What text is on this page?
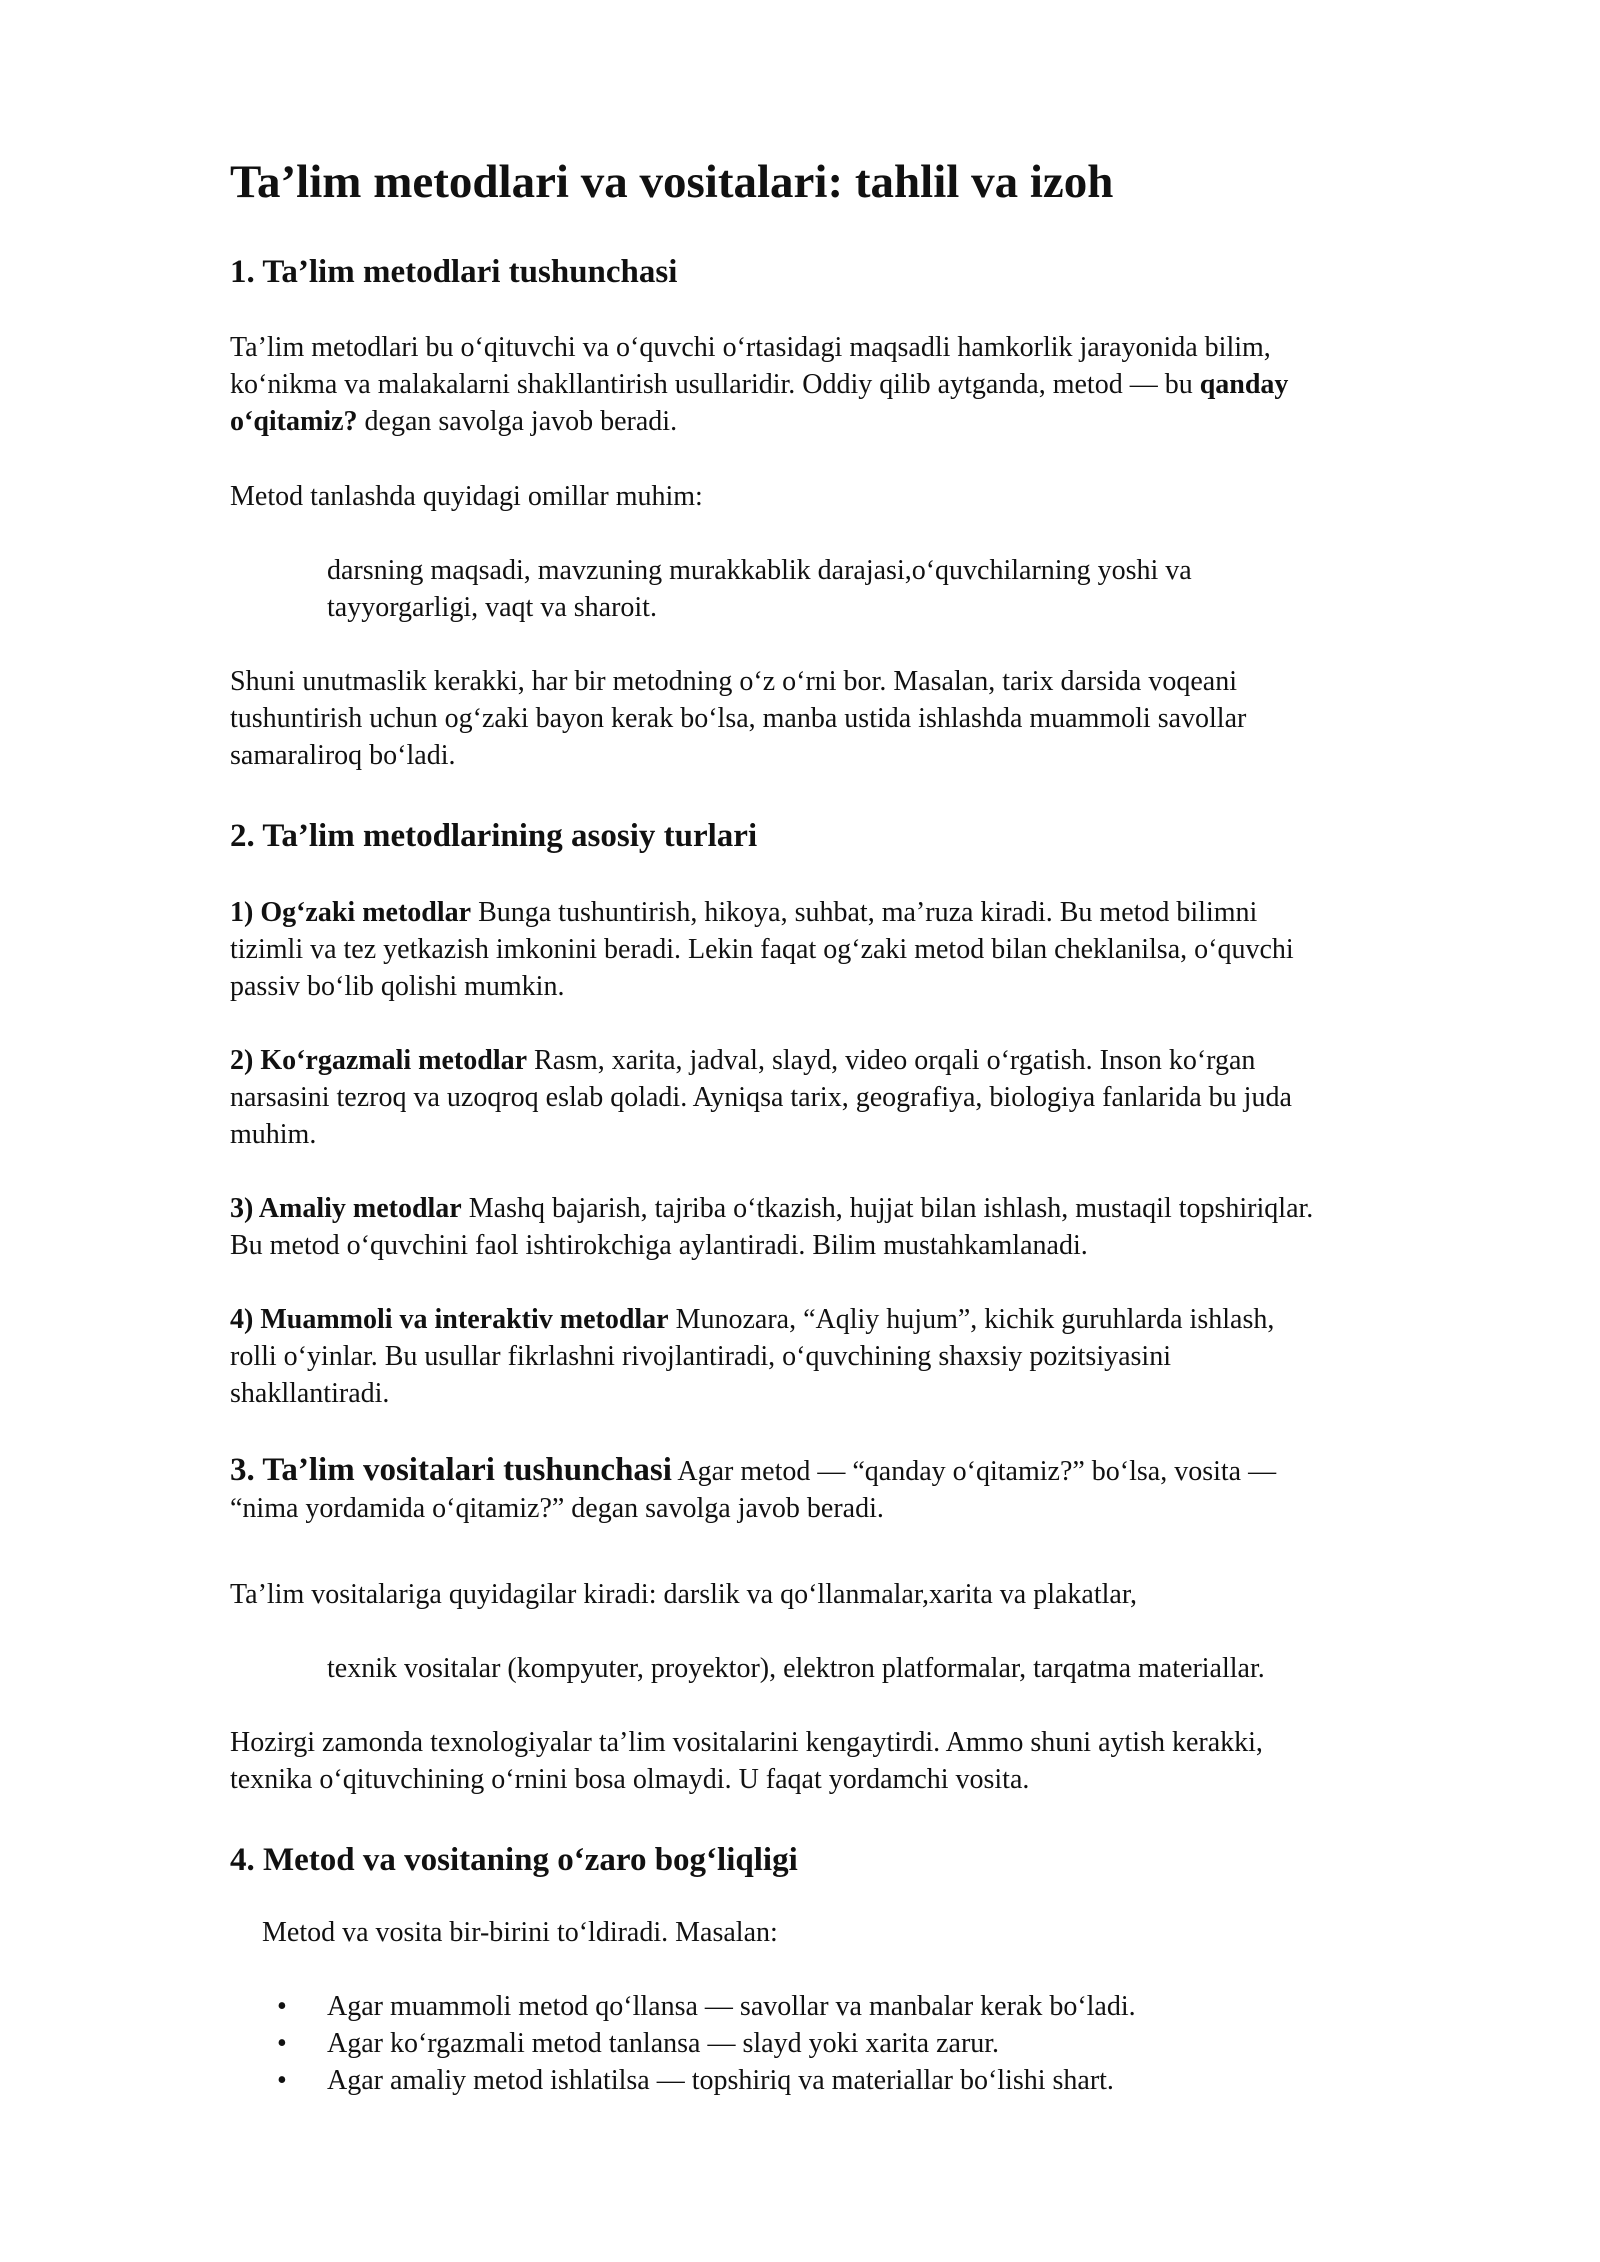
Ta’lim metodlari va vositalari: tahlil va izoh
1. Ta’lim metodlari tushunchasi

Ta’lim metodlari bu o‘qituvchi va o‘quvchi o‘rtasidagi maqsadli hamkorlik jarayonida bilim,
ko‘nikma va malakalarni shakllantirish usullaridir. Oddiy qilib aytganda, metod — bu qanday
o‘qitamiz? degan savolga javob beradi.

Metod tanlashda quyidagi omillar muhim:

darsning maqsadi, mavzuning murakkablik darajasi,o‘quvchilarning yoshi va
tayyorgarligi, vaqt va sharoit.

Shuni unutmaslik kerakki, har bir metodning o‘z o‘rni bor. Masalan, tarix darsida voqeani
tushuntirish uchun og‘zaki bayon kerak bo‘lsa, manba ustida ishlashda muammoli savollar
samaraliroq bo‘ladi.

2. Ta’lim metodlarining asosiy turlari

1) Og‘zaki metodlar Bunga tushuntirish, hikoya, suhbat, ma’ruza kiradi. Bu metod bilimni
tizimli va tez yetkazish imkonini beradi. Lekin faqat og‘zaki metod bilan cheklanilsa, o‘quvchi
passiv bo‘lib qolishi mumkin.

2) Ko‘rgazmali metodlar Rasm, xarita, jadval, slayd, video orqali o‘rgatish. Inson ko‘rgan
narsasini tezroq va uzoqroq eslab qoladi. Ayniqsa tarix, geografiya, biologiya fanlarida bu juda
muhim.

3) Amaliy metodlar Mashq bajarish, tajriba o‘tkazish, hujjat bilan ishlash, mustaqil topshiriqlar.
Bu metod o‘quvchini faol ishtirokchiga aylantiradi. Bilim mustahkamlanadi.

4) Muammoli va interaktiv metodlar Munozara, “Aqliy hujum”, kichik guruhlarda ishlash,
rolli o‘yinlar. Bu usullar fikrlashni rivojlantiradi, o‘quvchining shaxsiy pozitsiyasini
shakllantiradi.

3. Ta’lim vositalari tushunchasi Agar metod — “qanday o‘qitamiz?” bo‘lsa, vosita —
“nima yordamida o‘qitamiz?” degan savolga javob beradi.

Ta’lim vositalariga quyidagilar kiradi: darslik va qo‘llanmalar,xarita va plakatlar,

texnik vositalar (kompyuter, proyektor), elektron platformalar, tarqatma materiallar.

Hozirgi zamonda texnologiyalar ta’lim vositalarini kengaytirdi. Ammo shuni aytish kerakki,
texnika o‘qituvchining o‘rnini bosa olmaydi. U faqat yordamchi vosita.

4. Metod va vositaning o‘zaro bog‘liqligi

Metod va vosita bir-birini to‘ldiradi. Masalan:

• Agar muammoli metod qo‘llansa — savollar va manbalar kerak bo‘ladi.
• Agar ko‘rgazmali metod tanlansa — slayd yoki xarita zarur.
• Agar amaliy metod ishlatilsa — topshiriq va materiallar bo‘lishi shart.
